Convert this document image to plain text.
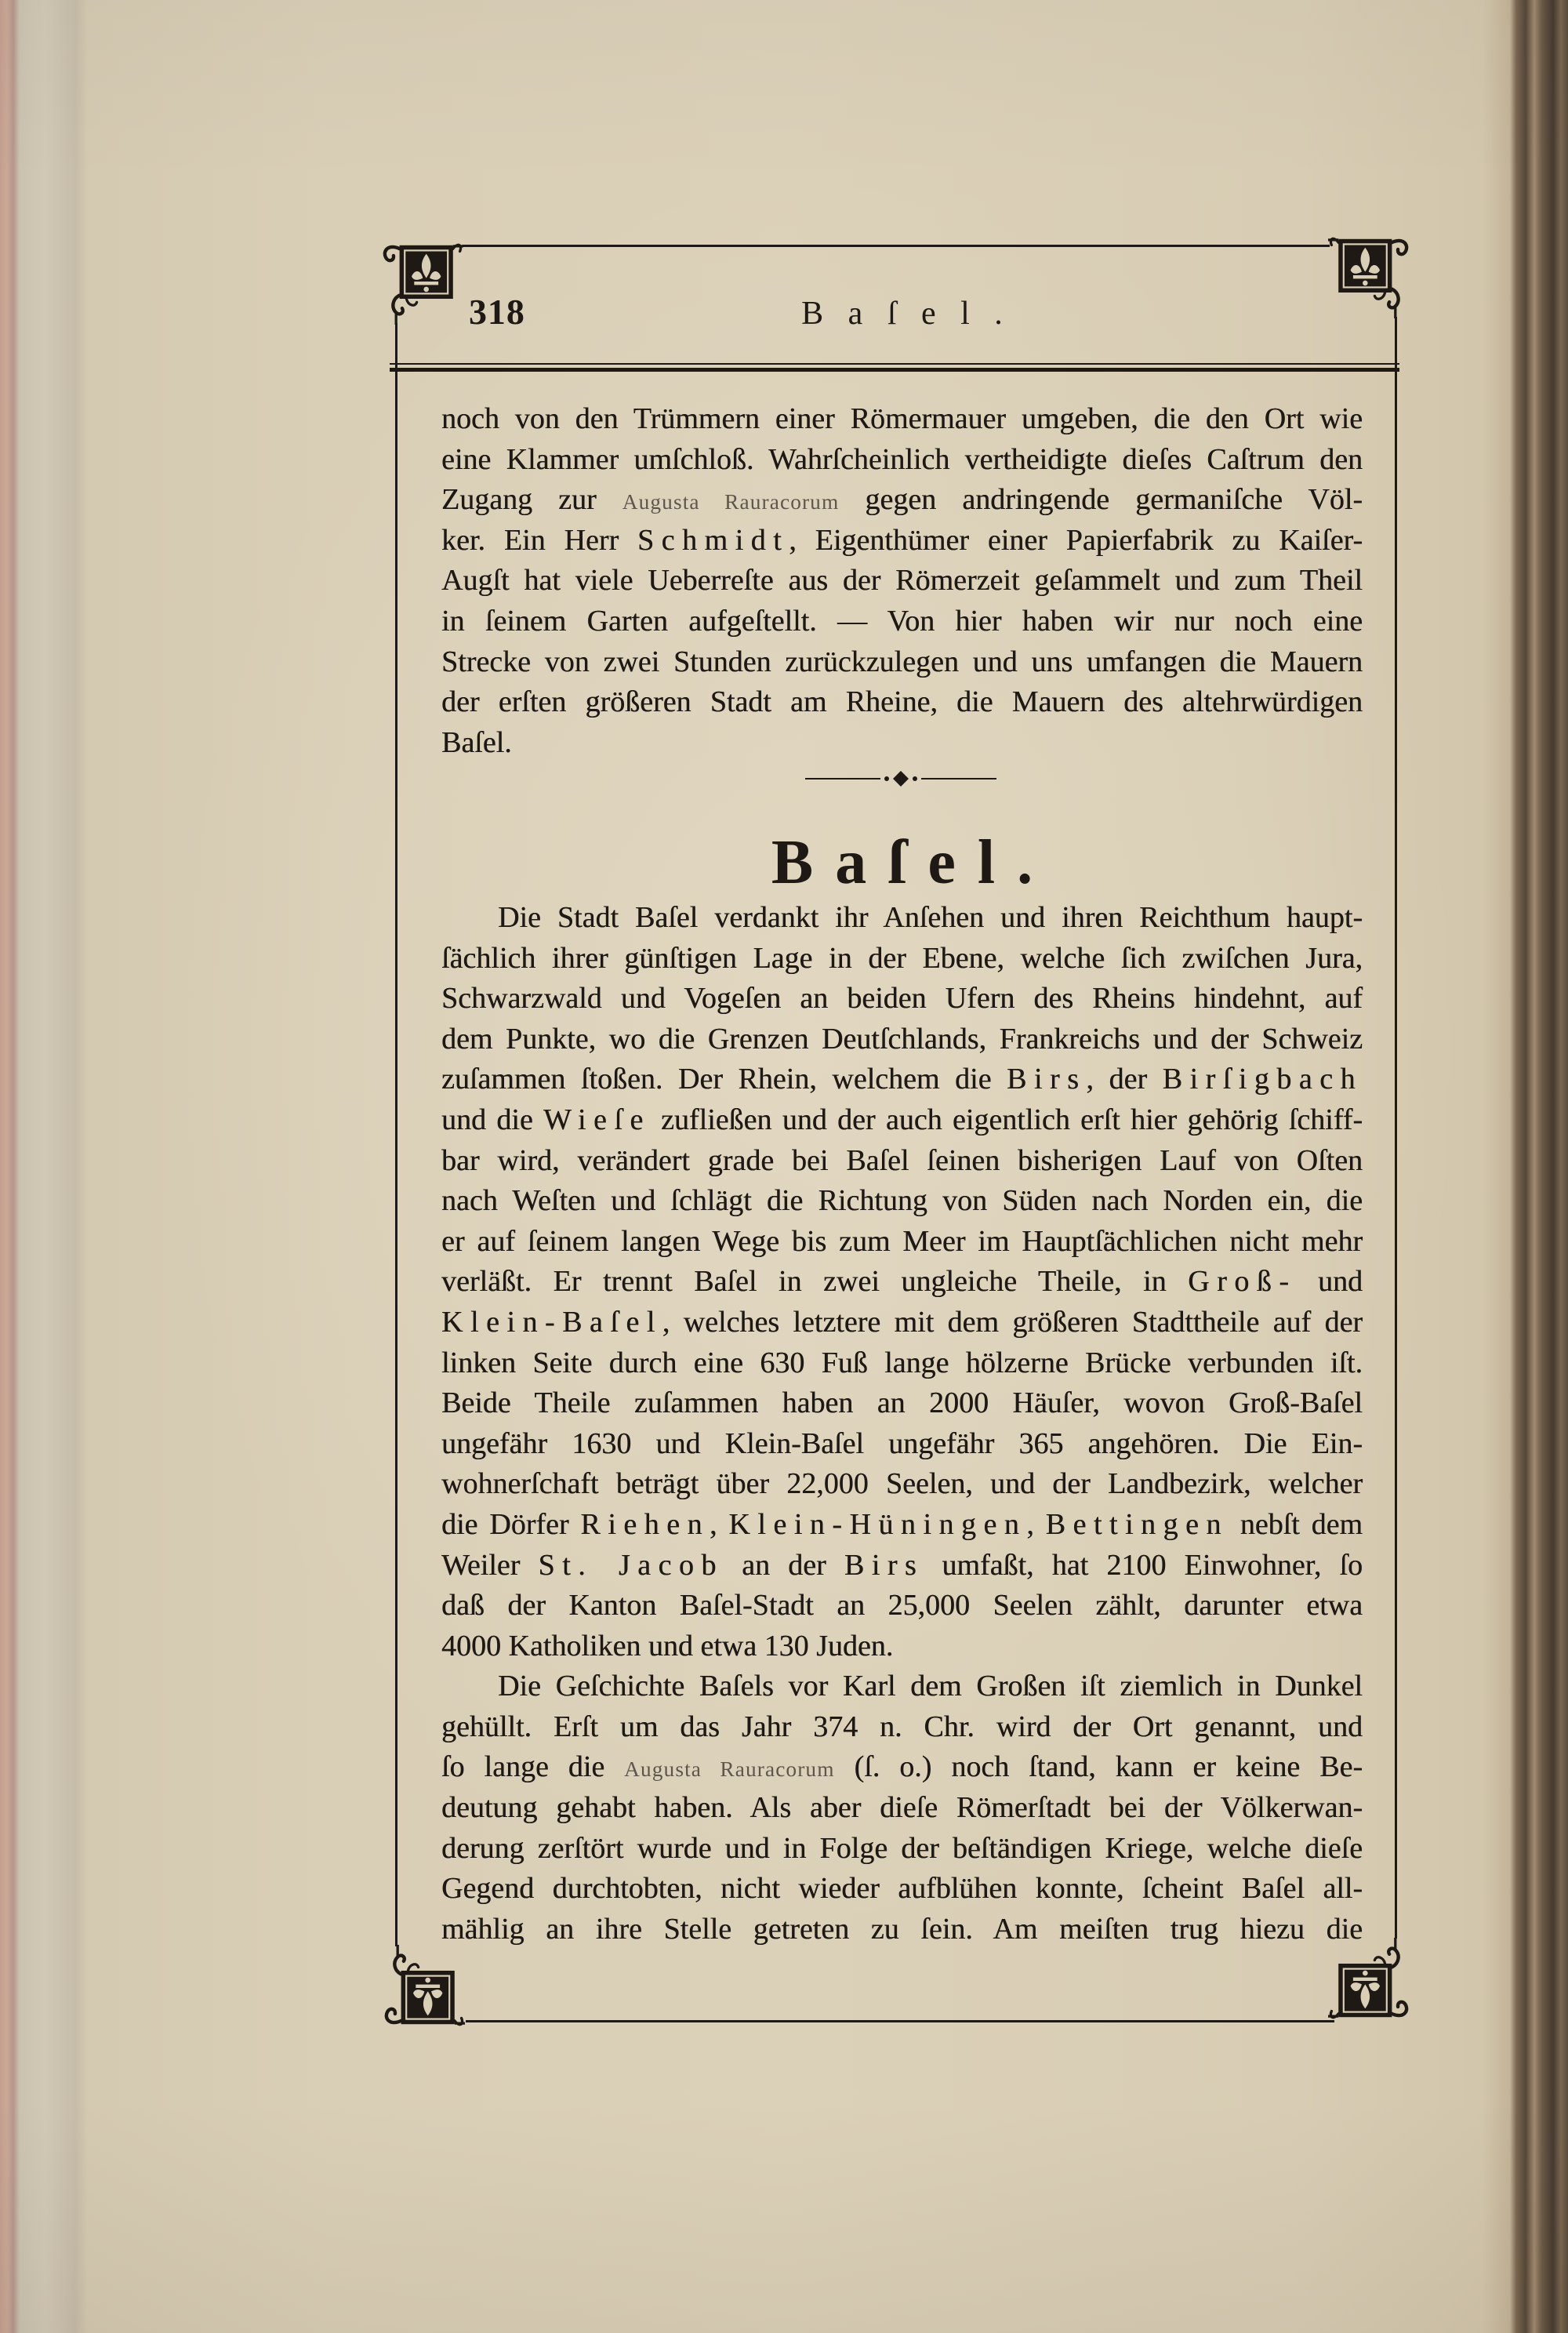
318	Baſel.
noch von den Trümmern einer Römermauer umgeben, die den Ort wie
eine Klammer umſchloß. Wahrſcheinlich vertheidigte dieſes Caſtrum den
Zugang zur Augusta Rauracorum gegen andringende germaniſche Völ-
ker. Ein Herr Schmidt, Eigenthümer einer Papierfabrik zu Kaiſer-
Augſt hat viele Ueberreſte aus der Römerzeit geſammelt und zum Theil
in ſeinem Garten aufgeſtellt. — Von hier haben wir nur noch eine
Strecke von zwei Stunden zurückzulegen und uns umfangen die Mauern
der erſten größeren Stadt am Rheine, die Mauern des altehrwürdigen
Baſel.
Baſel.
Die Stadt Baſel verdankt ihr Anſehen und ihren Reichthum haupt-
ſächlich ihrer günſtigen Lage in der Ebene, welche ſich zwiſchen Jura,
Schwarzwald und Vogeſen an beiden Ufern des Rheins hindehnt, auf
dem Punkte, wo die Grenzen Deutſchlands, Frankreichs und der Schweiz
zuſammen ſtoßen. Der Rhein, welchem die Birs, der Birſigbach
und die Wieſe zufließen und der auch eigentlich erſt hier gehörig ſchiff-
bar wird, verändert grade bei Baſel ſeinen bisherigen Lauf von Oſten
nach Weſten und ſchlägt die Richtung von Süden nach Norden ein, die
er auf ſeinem langen Wege bis zum Meer im Hauptſächlichen nicht mehr
verläßt. Er trennt Baſel in zwei ungleiche Theile, in Groß- und
Klein-Baſel, welches letztere mit dem größeren Stadttheile auf der
linken Seite durch eine 630 Fuß lange hölzerne Brücke verbunden iſt.
Beide Theile zuſammen haben an 2000 Häuſer, wovon Groß-Baſel
ungefähr 1630 und Klein-Baſel ungefähr 365 angehören. Die Ein-
wohnerſchaft beträgt über 22,000 Seelen, und der Landbezirk, welcher
die Dörfer Riehen, Klein-Hüningen, Bettingen nebſt dem
Weiler St. Jacob an der Birs umfaßt, hat 2100 Einwohner, ſo
daß der Kanton Baſel-Stadt an 25,000 Seelen zählt, darunter etwa
4000 Katholiken und etwa 130 Juden.
Die Geſchichte Baſels vor Karl dem Großen iſt ziemlich in Dunkel
gehüllt. Erſt um das Jahr 374 n. Chr. wird der Ort genannt, und
ſo lange die Augusta Rauracorum (ſ. o.) noch ſtand, kann er keine Be-
deutung gehabt haben. Als aber dieſe Römerſtadt bei der Völkerwan-
derung zerſtört wurde und in Folge der beſtändigen Kriege, welche dieſe
Gegend durchtobten, nicht wieder aufblühen konnte, ſcheint Baſel all-
mählig an ihre Stelle getreten zu ſein. Am meiſten trug hiezu die
